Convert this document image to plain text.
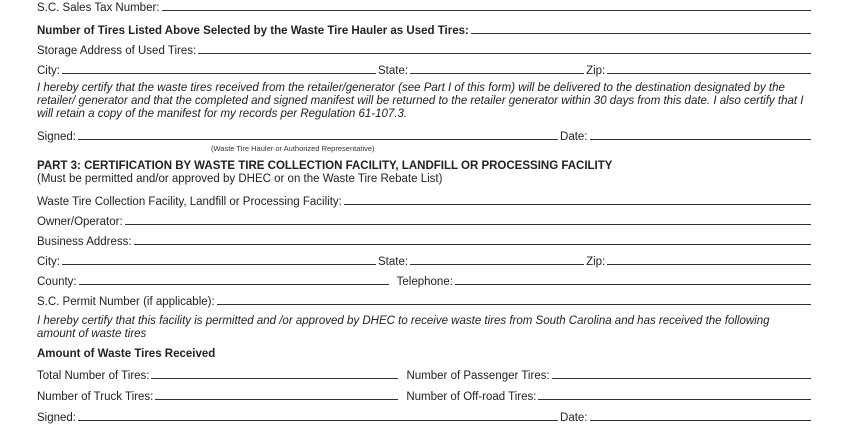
S.C. Sales Tax Number:
Number of Tires Listed Above Selected by the Waste Tire Hauler as Used Tires:
Storage Address of Used Tires:
City:	State:	Zip:
I hereby certify that the waste tires received from the retailer/generator (see Part I of this form) will be delivered to the destination designated by the retailer/ generator and that the completed and signed manifest will be returned to the retailer generator within 30 days from this date. I also certify that I will retain a copy of the manifest for my records per Regulation 61-107.3.
Signed:	Date:
(Waste Tire Hauler or Authorized Representative)
PART 3: CERTIFICATION BY WASTE TIRE COLLECTION FACILITY, LANDFILL OR PROCESSING FACILITY
(Must be permitted and/or approved by DHEC or on the Waste Tire Rebate List)
Waste Tire Collection Facility, Landfill or Processing Facility:
Owner/Operator:
Business Address:
City:	State:	Zip:
County:	Telephone:
S.C. Permit Number (if applicable):
I hereby certify that this facility is permitted and /or approved by DHEC to receive waste tires from South Carolina and has received the following amount of waste tires
Amount of Waste Tires Received
Total Number of Tires:	Number of Passenger Tires:
Number of Truck Tires:	Number of Off-road Tires:
Signed:	Date:
